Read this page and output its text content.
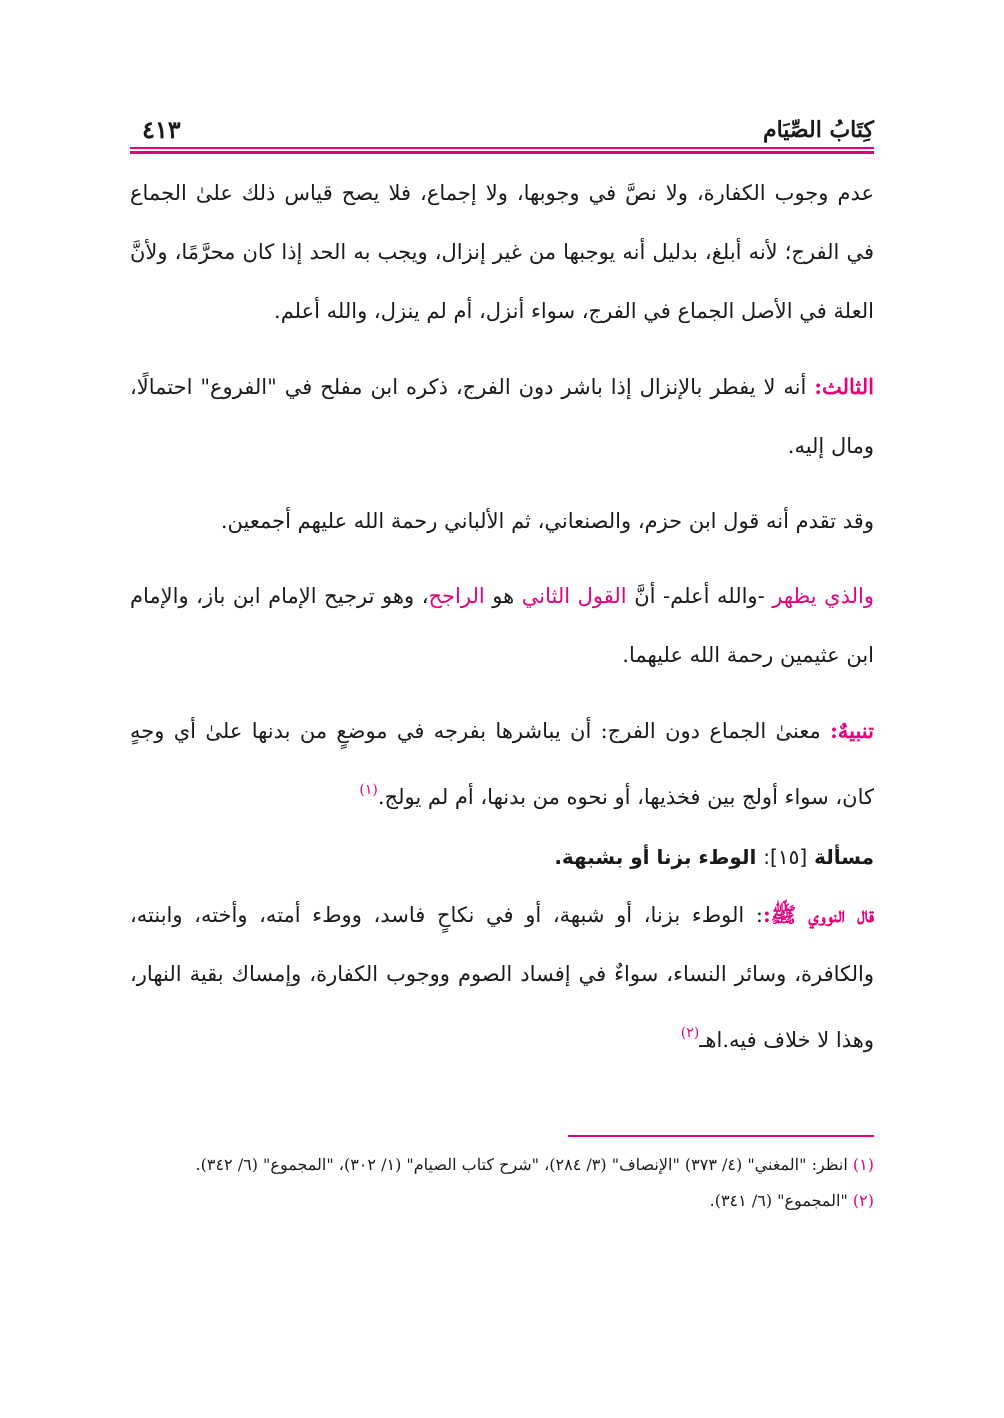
كِتَابُ الصِّيَام
٤١٣

عدم وجوب الكفارة، ولا نصَّ في وجوبها، ولا إجماع، فلا يصح قياس ذلك علىٰ الجماع في الفرج؛ لأنه أبلغ، بدليل أنه يوجبها من غير إنزال، ويجب به الحد إذا كان محرَّمًا، ولأنَّ العلة في الأصل الجماع في الفرج، سواء أنزل، أم لم ينزل، والله أعلم.

الثالث: أنه لا يفطر بالإنزال إذا باشر دون الفرج، ذكره ابن مفلح في "الفروع" احتمالًا، ومال إليه.

وقد تقدم أنه قول ابن حزم، والصنعاني، ثم الألباني رحمة الله عليهم أجمعين.

والذي يظهر -والله أعلم- أنَّ القول الثاني هو الراجح، وهو ترجيح الإمام ابن باز، والإمام ابن عثيمين رحمة الله عليهما.

تنبيهٌ: معنىٰ الجماع دون الفرج: أن يباشرها بفرجه في موضعٍ من بدنها علىٰ أي وجهٍ كان، سواء أولج بين فخذيها، أو نحوه من بدنها، أم لم يولج.$^{(١)}$

مسألة [١٥]: الوطء بزنا أو بشبهة.

قال النووي ﷺ:: الوطء بزنا، أو شبهة، أو في نكاحٍ فاسد، ووطء أمته، وأخته، وابنته، والكافرة، وسائر النساء، سواءٌ في إفساد الصوم ووجوب الكفارة، وإمساك بقية النهار، وهذا لا خلاف فيه.اهـ$^{(٢)}$

(١) انظر: "المغني" (٤/ ٣٧٣) "الإنصاف" (٣/ ٢٨٤)، "شرح كتاب الصيام" (١/ ٣٠٢)، "المجموع" (٦/ ٣٤٢).

(٢) "المجموع" (٦/ ٣٤١).
